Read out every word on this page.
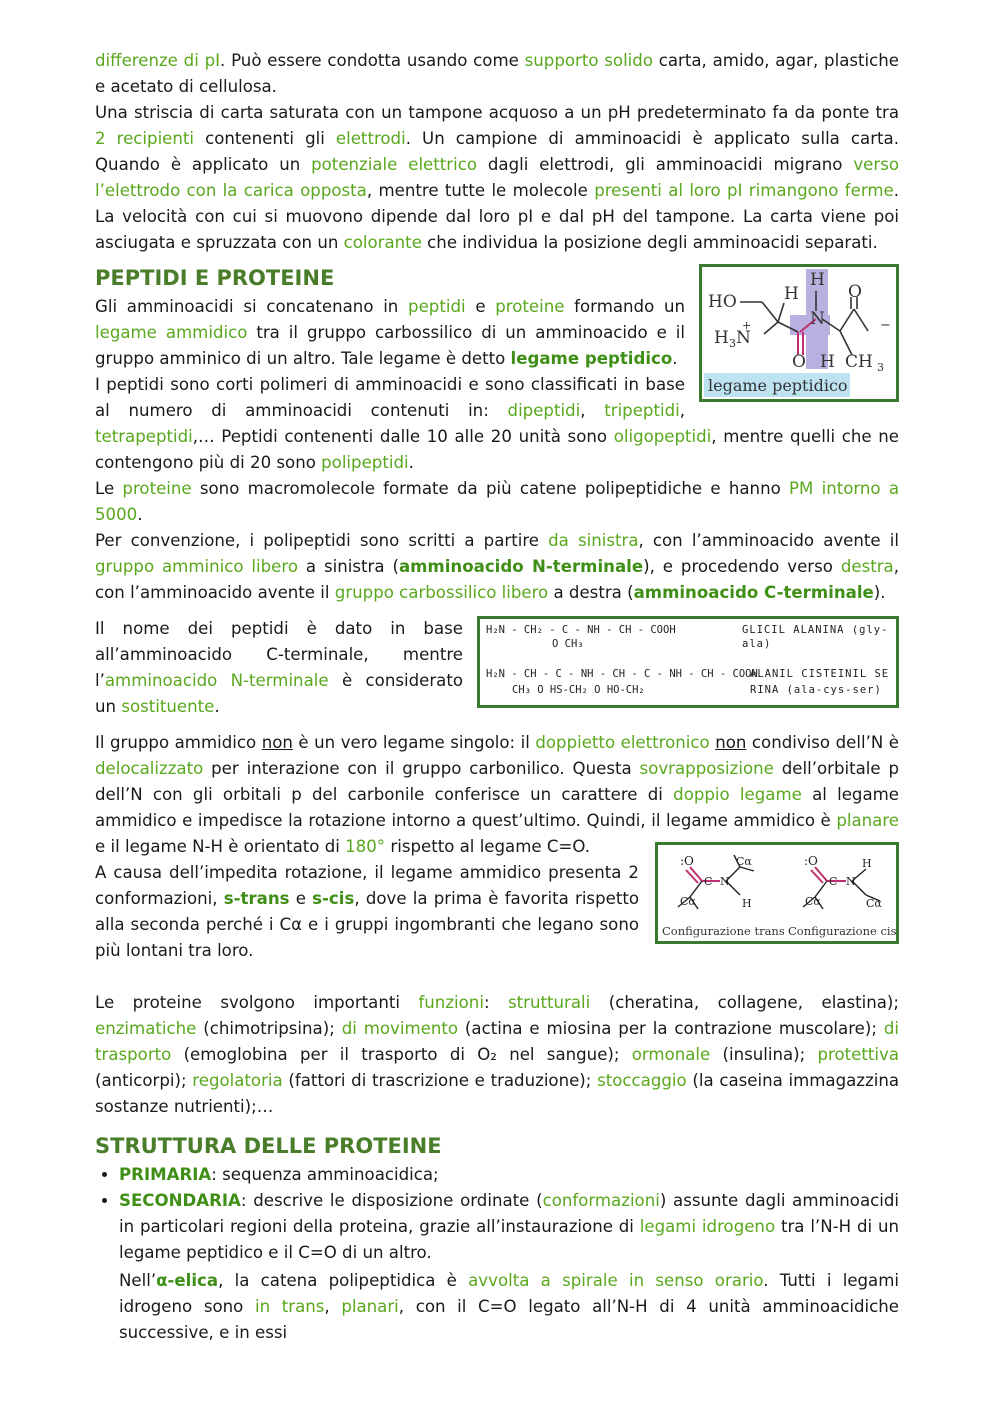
differenze di pI. Può essere condotta usando come supporto solido carta, amido, agar, plastiche e acetato di cellulosa.

Una striscia di carta saturata con un tampone acquoso a un pH predeterminato fa da ponte tra 2 recipienti contenenti gli elettrodi. Un campione di amminoacidi è applicato sulla carta. Quando è applicato un potenziale elettrico dagli elettrodi, gli amminoacidi migrano verso l’elettrodo con la carica opposta, mentre tutte le molecole presenti al loro pI rimangono ferme. La velocità con cui si muovono dipende dal loro pI e dal pH del tampone. La carta viene poi asciugata e spruzzata con un colorante che individua la posizione degli amminoacidi separati.

PEPTIDI E PROTEINE
HO	H
H
O
N
O
H CH 3
H 3 N
+	−
legame peptidico

Gli amminoacidi si concatenano in peptidi e proteine formando un legame ammidico tra il gruppo carbossilico di un amminoacido e il gruppo amminico di un altro. Tale legame è detto legame peptidico.

I peptidi sono corti polimeri di amminoacidi e sono classificati in base al numero di amminoacidi contenuti in: dipeptidi, tripeptidi, tetrapeptidi,… Peptidi contenenti dalle 10 alle 20 unità sono oligopeptidi, mentre quelli che ne contengono più di 20 sono polipeptidi.

Le proteine sono macromolecole formate da più catene polipeptidiche e hanno PM intorno a 5000.

Per convenzione, i polipeptidi sono scritti a partire da sinistra, con l’amminoacido avente il gruppo amminico libero a sinistra (amminoacido N-terminale), e procedendo verso destra, con l’amminoacido avente il gruppo carbossilico libero a destra (amminoacido C-terminale).

Il nome dei peptidi è dato in base all’amminoacido C-terminale, mentre l’amminoacido N-terminale è considerato un sostituente.

H₂N - CH₂ - C - NH - CH - COOH
O CH₃
GLICIL ALANINA (gly-ala)
H₂N - CH - C - NH - CH - C - NH - CH - COOH
CH₃ O HS-CH₂ O HO-CH₂
ALANIL CISTEINIL SE
RINA (ala-cys-ser)

Il gruppo ammidico non è un vero legame singolo: il doppietto elettronico non condiviso dell’N è delocalizzato per interazione con il gruppo carbonilico. Questa sovrapposizione dell’orbitale p dell’N con gli orbitali p del carbonile conferisce un carattere di doppio legame al legame ammidico e impedisce la rotazione intorno a quest’ultimo. Quindi, il legame ammidico è planare e il legame N-H è orientato di 180° rispetto al legame C=O.

A causa dell’impedita rotazione, il legame ammidico presenta 2 conformazioni, s-trans e s-cis, dove la prima è favorita rispetto alla seconda perché i Cα e i gruppi ingombranti che legano sono più lontani tra loro.

:O
C N
Cα
H
Cα
:O
C N
H
Cα
Cα
Configurazione trans Configurazione cis

Le proteine svolgono importanti funzioni: strutturali (cheratina, collagene, elastina); enzimatiche (chimotripsina); di movimento (actina e miosina per la contrazione muscolare); di trasporto (emoglobina per il trasporto di O₂ nel sangue); ormonale (insulina); protettiva (anticorpi); regolatoria (fattori di trascrizione e traduzione); stoccaggio (la caseina immagazzina sostanze nutrienti);…

STRUTTURA DELLE PROTEINE
• PRIMARIA: sequenza amminoacidica;
• SECONDARIA: descrive le disposizione ordinate (conformazioni) assunte dagli amminoacidi in particolari regioni della proteina, grazie all’instaurazione di legami idrogeno tra l’N-H di un legame peptidico e il C=O di un altro.

Nell’α-elica, la catena polipeptidica è avvolta a spirale in senso orario. Tutti i legami idrogeno sono in trans, planari, con il C=O legato all’N-H di 4 unità amminoacidiche successive, e in essi
